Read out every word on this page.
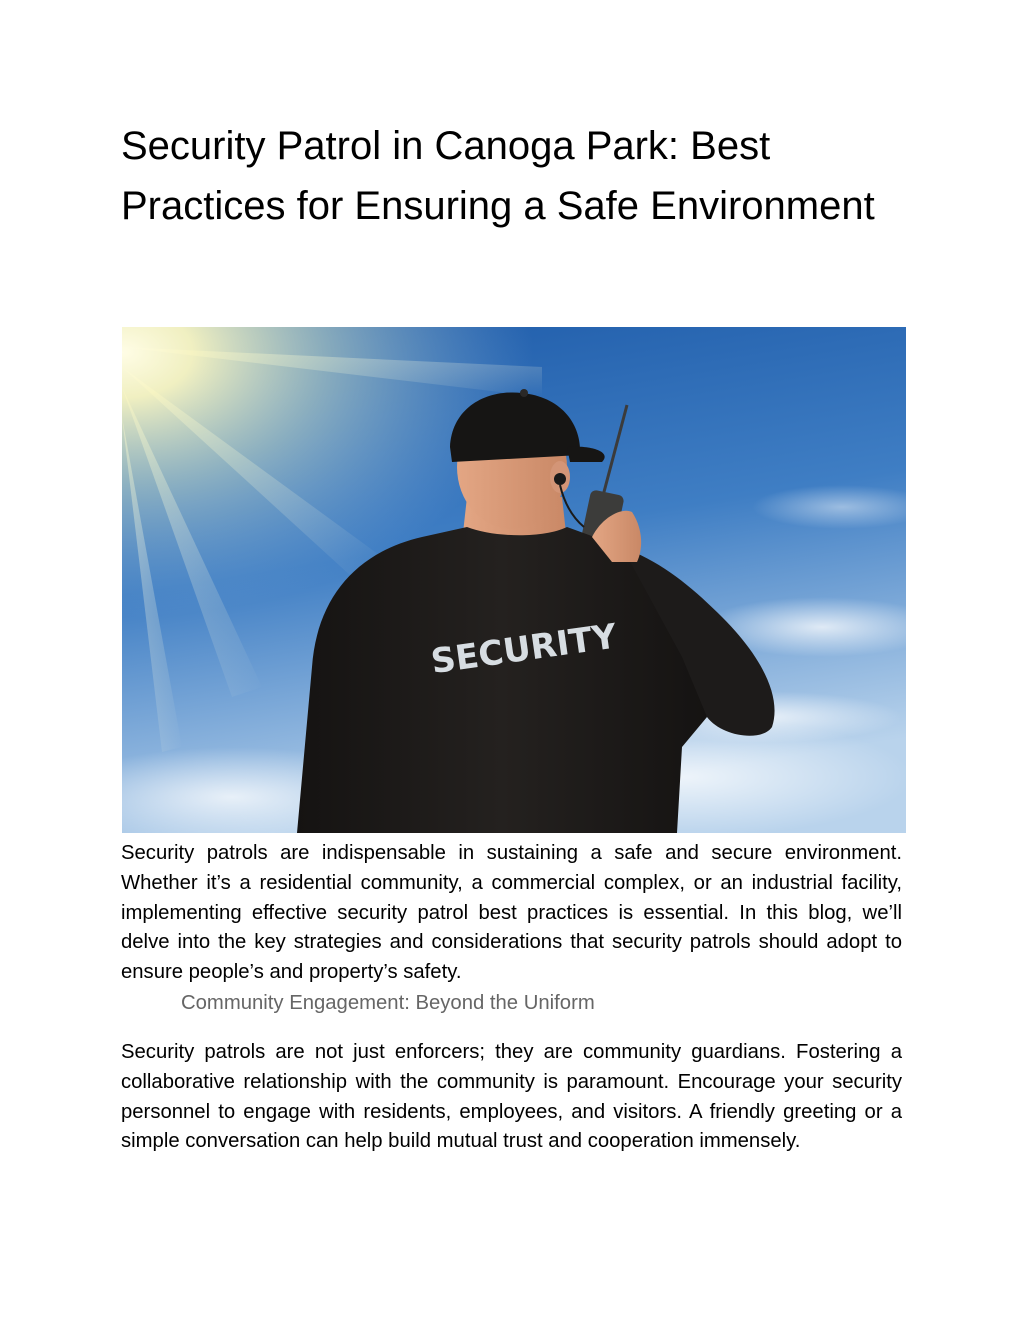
Security Patrol in Canoga Park: Best Practices for Ensuring a Safe Environment
SECURITY

Security patrols are indispensable in sustaining a safe and secure environment. Whether it’s a residential community, a commercial complex, or an industrial facility, implementing effective security patrol best practices is essential. In this blog, we’ll delve into the key strategies and considerations that security patrols should adopt to ensure people’s and property’s safety.

Community Engagement: Beyond the Uniform

Security patrols are not just enforcers; they are community guardians. Fostering a collaborative relationship with the community is paramount. Encourage your security personnel to engage with residents, employees, and visitors. A friendly greeting or a simple conversation can help build mutual trust and cooperation immensely.
